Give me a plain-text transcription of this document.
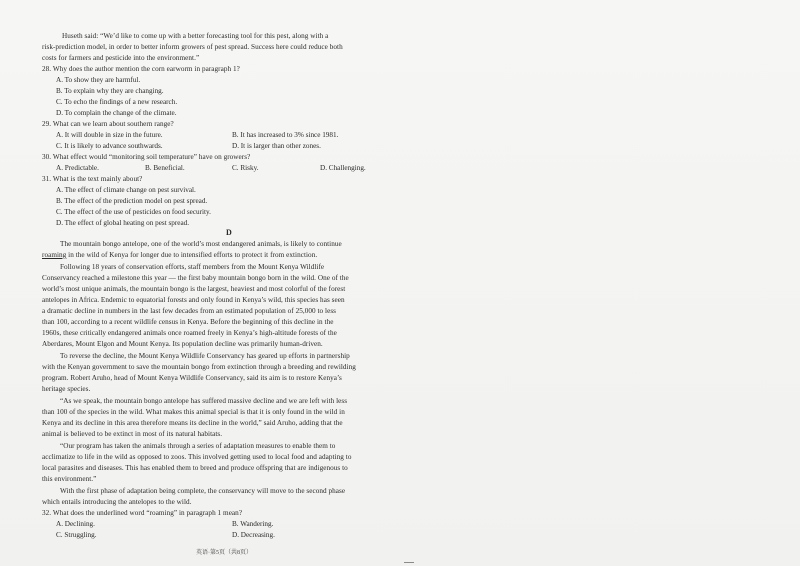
Huseth said: “We’d like to come up with a better forecasting tool for this pest, along with a
risk-prediction model, in order to better inform growers of pest spread. Success here could reduce both
costs for farmers and pesticide into the environment.”
28. Why does the author mention the corn earworm in paragraph 1?
A. To show they are harmful.
B. To explain why they are changing.
C. To echo the findings of a new research.
D. To complain the change of the climate.
29. What can we learn about southern range?
A. It will double in size in the future.	B. It has increased to 3% since 1981.
C. It is likely to advance southwards.	D. It is larger than other zones.
30. What effect would “monitoring soil temperature” have on growers?
A. Predictable.	B. Beneficial.	C. Risky.	D. Challenging.
31. What is the text mainly about?
A. The effect of climate change on pest survival.
B. The effect of the prediction model on pest spread.
C. The effect of the use of pesticides on food security.
D. The effect of global heating on pest spread.
D
The mountain bongo antelope, one of the world’s most endangered animals, is likely to continue
roaming in the wild of Kenya for longer due to intensified efforts to protect it from extinction.
Following 18 years of conservation efforts, staff members from the Mount Kenya Wildlife
Conservancy reached a milestone this year — the first baby mountain bongo born in the wild. One of the
world’s most unique animals, the mountain bongo is the largest, heaviest and most colorful of the forest
antelopes in Africa. Endemic to equatorial forests and only found in Kenya’s wild, this species has seen
a dramatic decline in numbers in the last few decades from an estimated population of 25,000 to less
than 100, according to a recent wildlife census in Kenya. Before the beginning of this decline in the
1960s, these critically endangered animals once roamed freely in Kenya’s high-altitude forests of the
Aberdares, Mount Elgon and Mount Kenya. Its population decline was primarily human-driven.
To reverse the decline, the Mount Kenya Wildlife Conservancy has geared up efforts in partnership
with the Kenyan government to save the mountain bongo from extinction through a breeding and rewilding
program. Robert Aruho, head of Mount Kenya Wildlife Conservancy, said its aim is to restore Kenya’s
heritage species.
“As we speak, the mountain bongo antelope has suffered massive decline and we are left with less
than 100 of the species in the wild. What makes this animal special is that it is only found in the wild in
Kenya and its decline in this area therefore means its decline in the world,” said Aruho, adding that the
animal is believed to be extinct in most of its natural habitats.
“Our program has taken the animals through a series of adaptation measures to enable them to
acclimatize to life in the wild as opposed to zoos. This involved getting used to local food and adapting to
local parasites and diseases. This has enabled them to breed and produce offspring that are indigenous to
this environment.”
With the first phase of adaptation being complete, the conservancy will move to the second phase
which entails introducing the antelopes to the wild.
32. What does the underlined word “roaming” in paragraph 1 mean?
A. Declining.	B. Wandering.
C. Struggling.	D. Decreasing.
英语·第5页（共8页）
